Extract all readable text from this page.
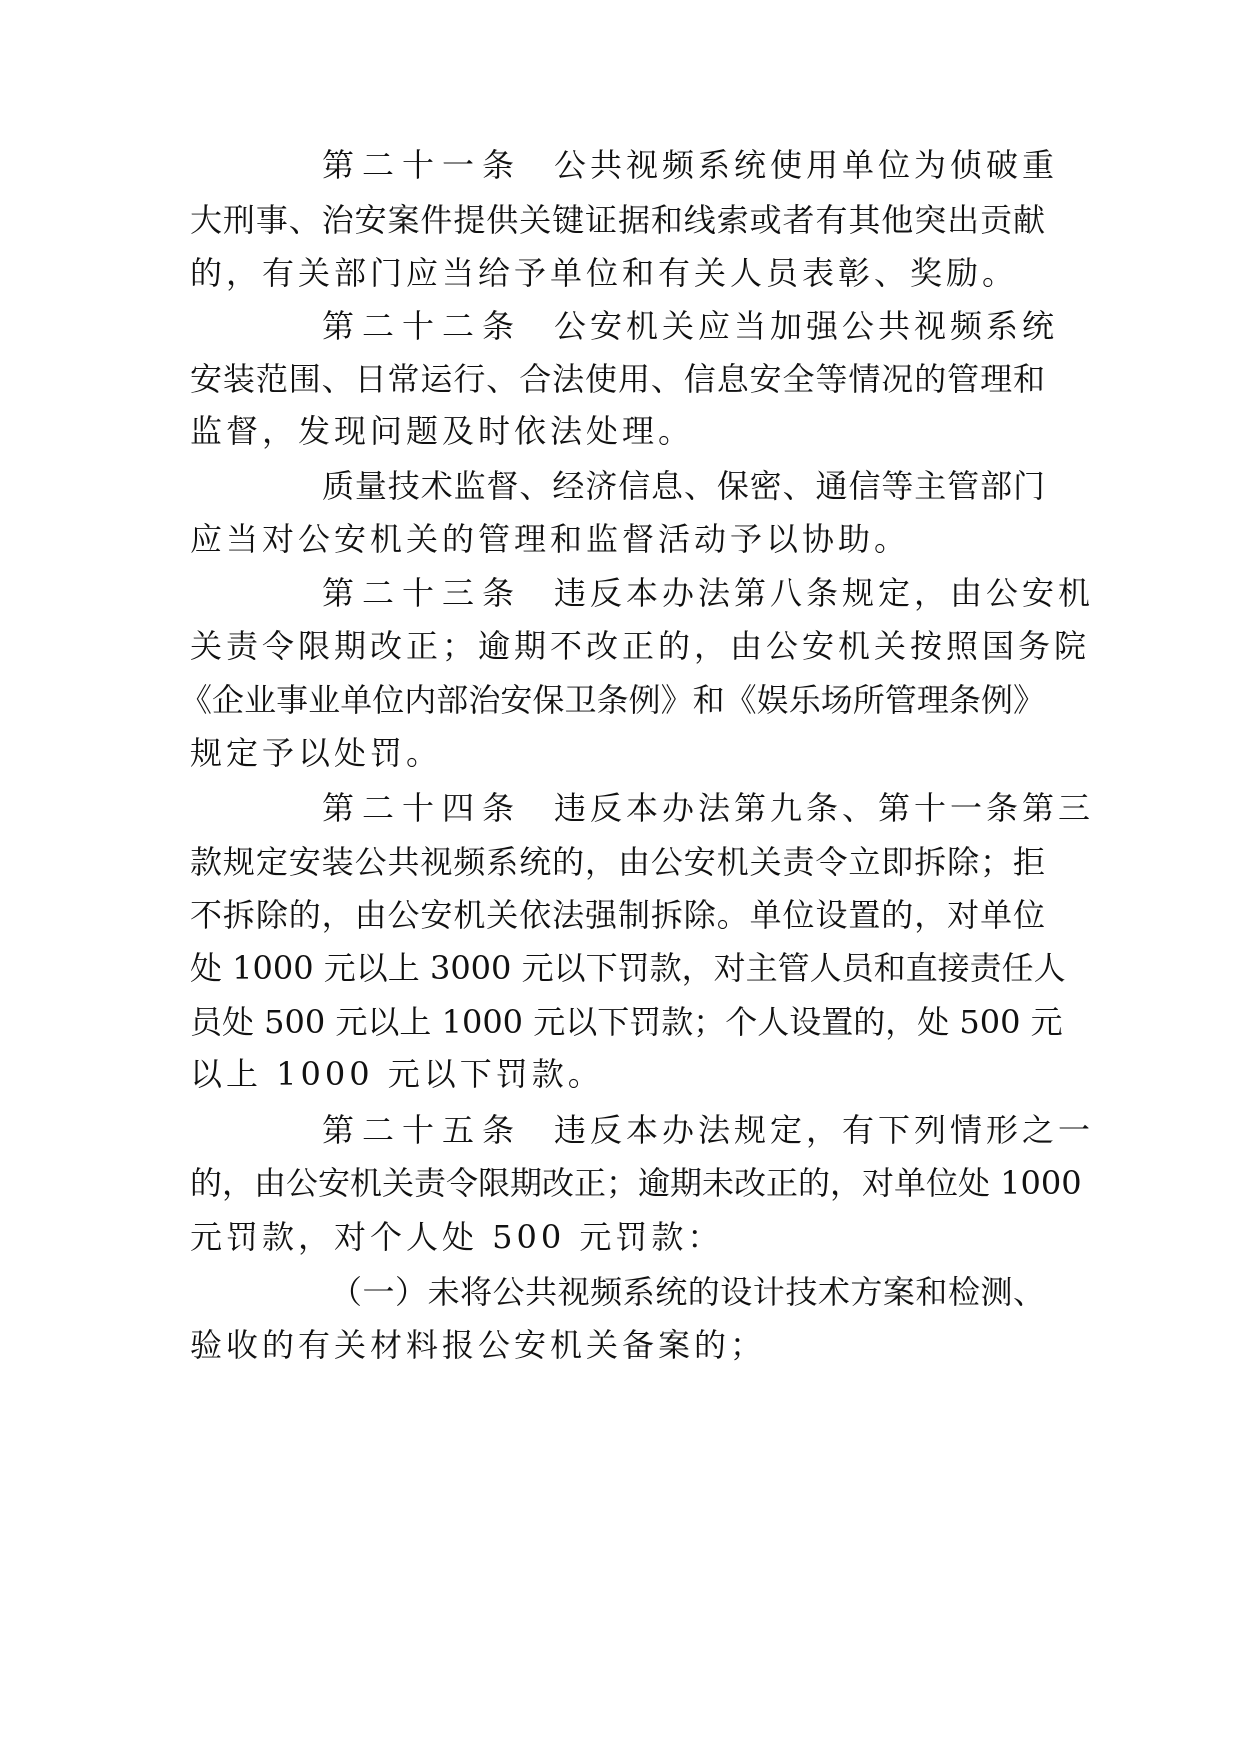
第二十一条 公共视频系统使用单位为侦破重
大刑事、治安案件提供关键证据和线索或者有其他突出贡献
的，有关部门应当给予单位和有关人员表彰、奖励。
第二十二条 公安机关应当加强公共视频系统
安装范围、日常运行、合法使用、信息安全等情况的管理和
监督，发现问题及时依法处理。
质量技术监督、经济信息、保密、通信等主管部门
应当对公安机关的管理和监督活动予以协助。
第二十三条 违反本办法第八条规定，由公安机
关责令限期改正；逾期不改正的，由公安机关按照国务院
《企业事业单位内部治安保卫条例》和《娱乐场所管理条例》
规定予以处罚。
第二十四条 违反本办法第九条、第十一条第三
款规定安装公共视频系统的，由公安机关责令立即拆除；拒
不拆除的，由公安机关依法强制拆除。单位设置的，对单位
处 1000 元以上 3000 元以下罚款，对主管人员和直接责任人
员处 500 元以上 1000 元以下罚款；个人设置的，处 500 元
以上 1000 元以下罚款。
第二十五条 违反本办法规定，有下列情形之一
的，由公安机关责令限期改正；逾期未改正的，对单位处 1000
元罚款，对个人处 500 元罚款：
（一）未将公共视频系统的设计技术方案和检测、
验收的有关材料报公安机关备案的；
